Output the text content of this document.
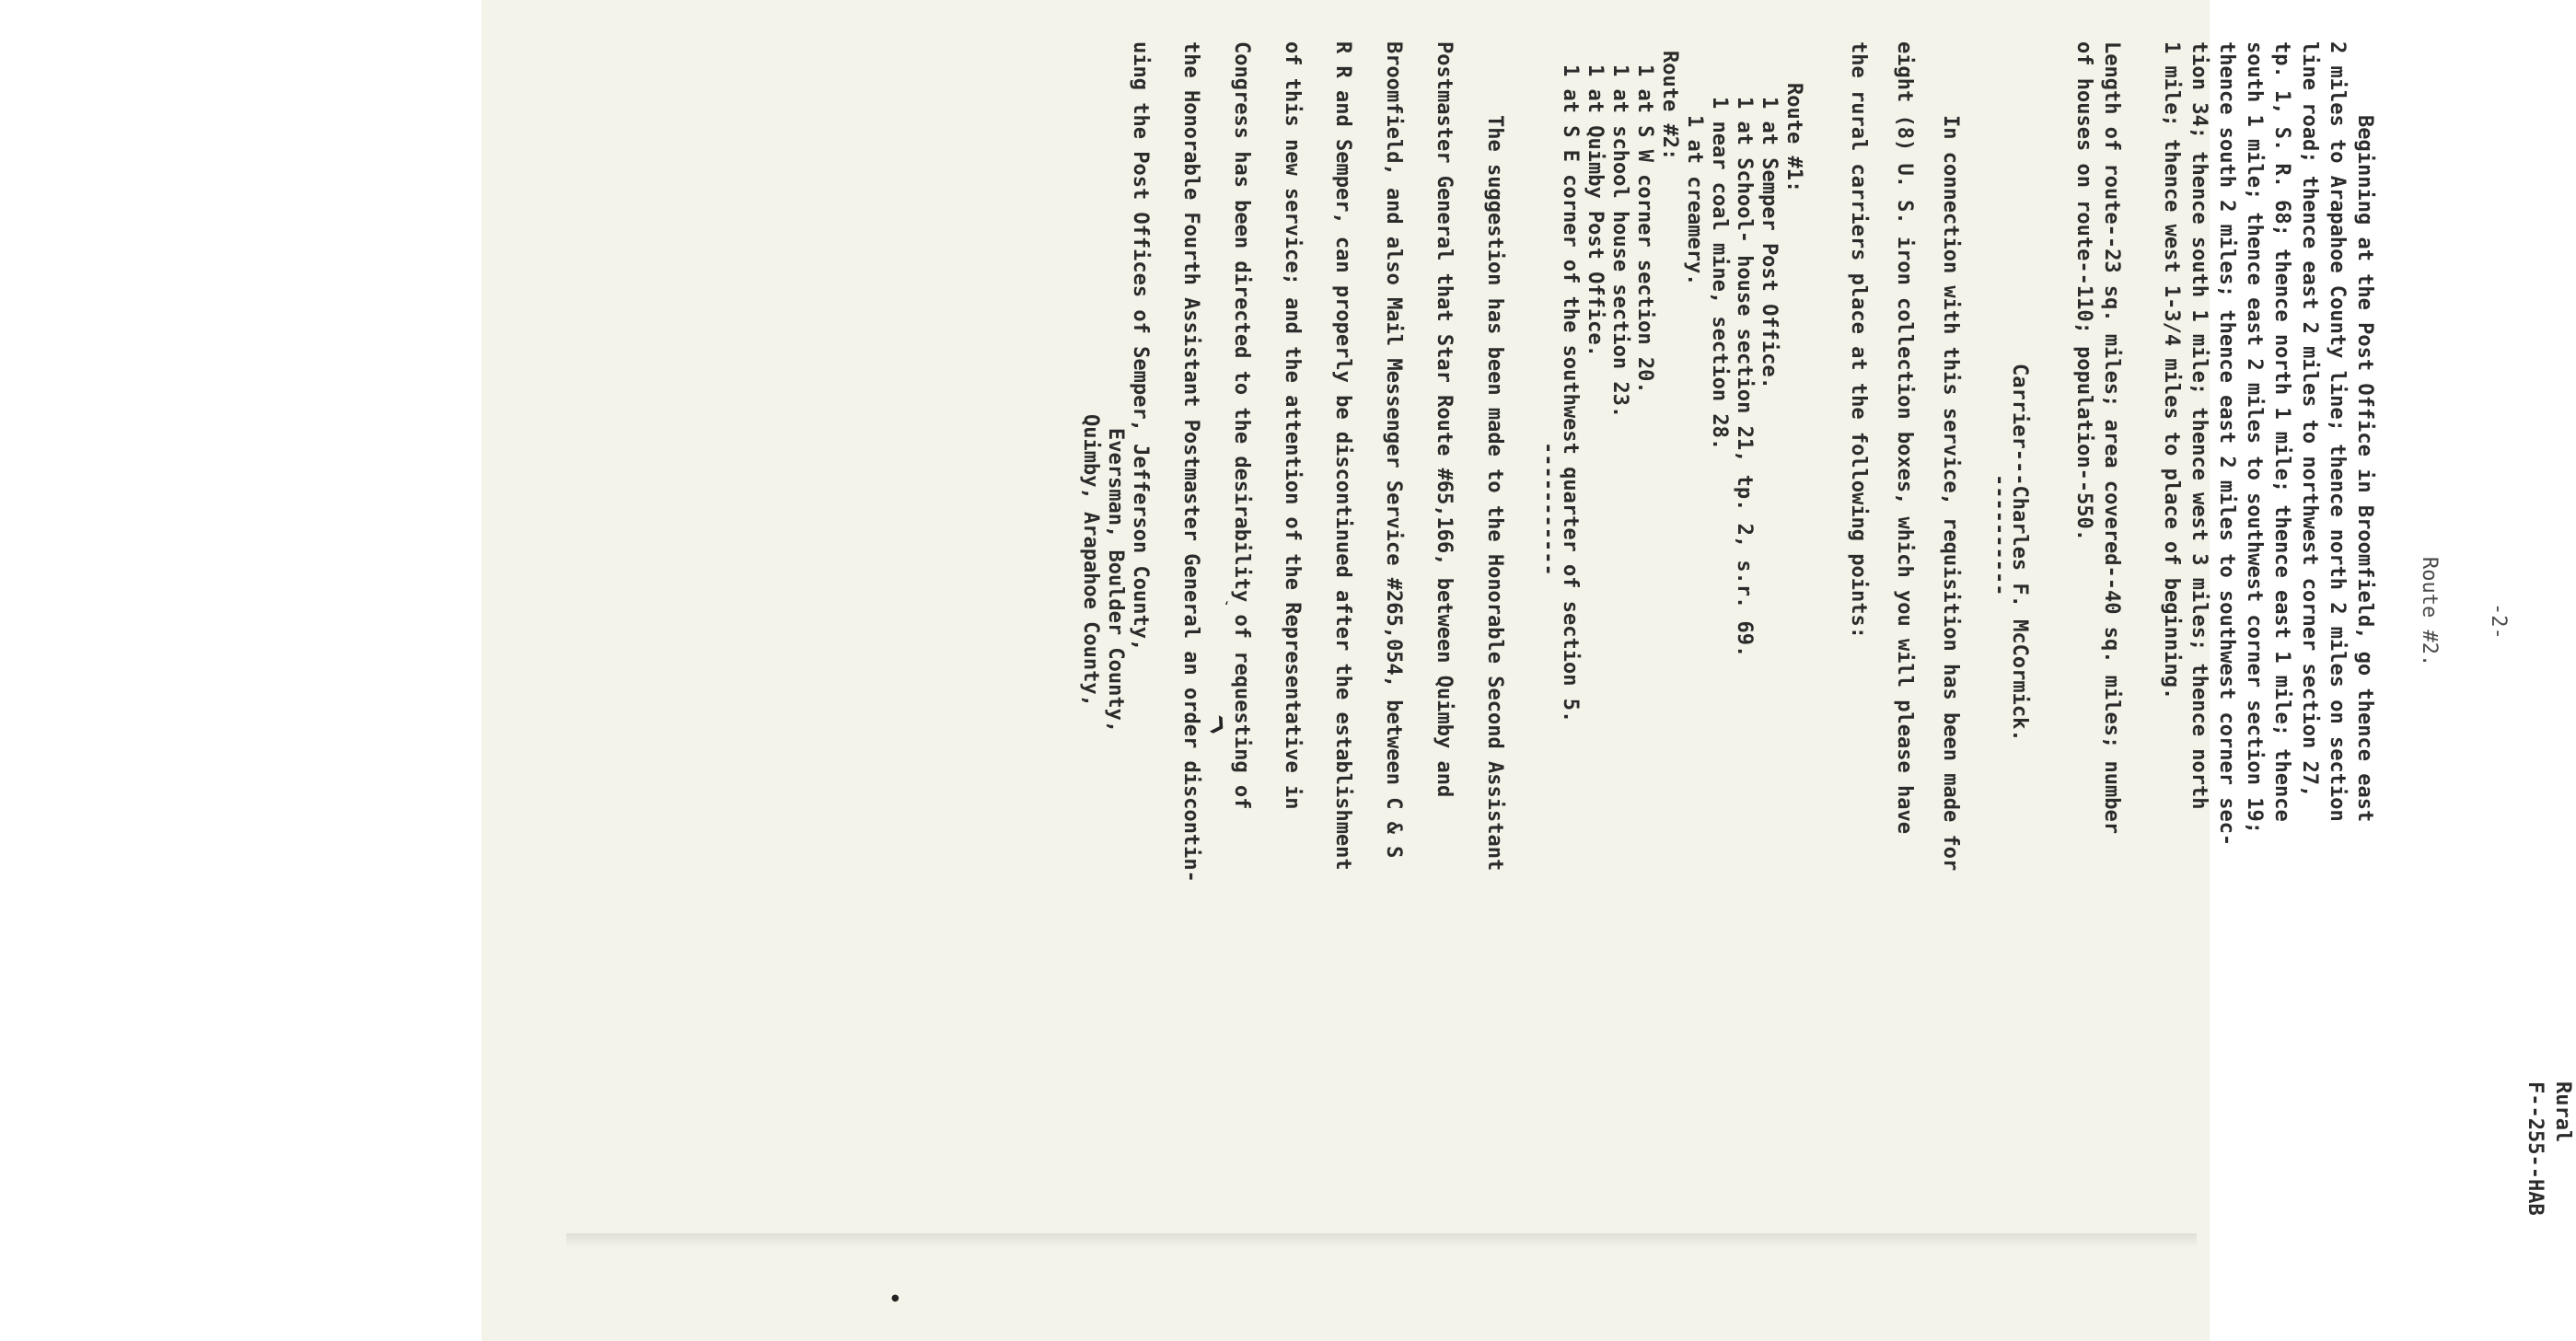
Rural
F--255--HAB
-2-
Route #2.
Beginning at the Post Office in Broomfield, go thence east
2 miles to Arapahoe County line; thence north 2 miles on section
line road; thence east 2 miles to northwest corner section 27,
tp. 1, S. R. 68; thence north 1 mile; thence east 1 mile; thence
south 1 mile; thence east 2 miles to southwest corner section 19;
thence south 2 miles; thence east 2 miles to southwest corner sec-
tion 34; thence south 1 mile; thence west 3 miles; thence north
1 mile; thence west 1-3/4 miles to place of beginning.
Length of route--23 sq. miles; area covered--40 sq. miles; number
of houses on route--110; population--550.
Carrier---Charles F. McCormick.
----------
In connection with this service, requisition has been made for
eight (8) U. S. iron collection boxes, which you will please have
the rural carriers place at the following points:
Route #1:
1 at Semper Post Office.
1 at School- house section 21, tp. 2, s.r. 69.
1 near coal mine, section 28.
1 at creamery.
Route #2:
1 at S W corner section 20.
1 at school house section 23.
1 at Quimby Post Office.
1 at S E corner of the southwest quarter of section 5.
-----------
The suggestion has been made to the Honorable Second Assistant
Postmaster General that Star Route #65,166, between Quimby and
Broomfield, and also Mail Messenger Service #265,054, between C & S
R R and Semper, can properly be discontinued after the establishment
of this new service; and the attention of the Representative in
Congress has been directed to the desirability of requesting of
the Honorable Fourth Assistant Postmaster General an order discontin-
uing the Post Offices of Semper, Jefferson County,
Eversman, Boulder County,
Quimby, Arapahoe County,	ʻ
❯
●
